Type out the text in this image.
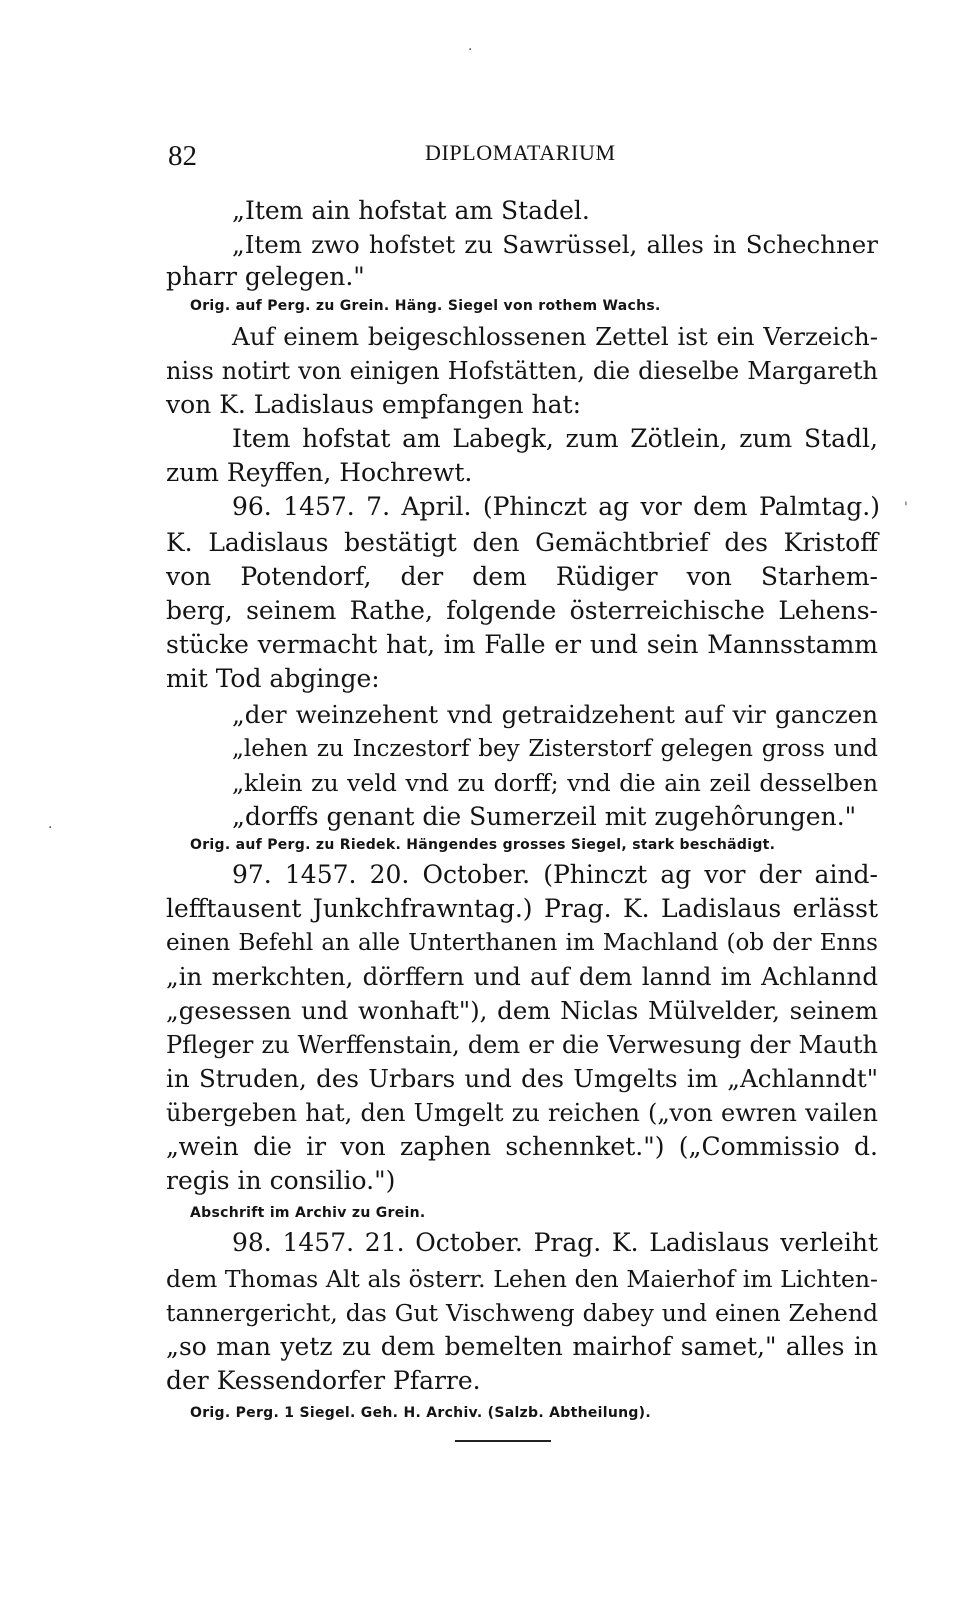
82	DIPLOMATARIUM
„Item ain hofstat am Stadel.
„Item zwo hofstet zu Sawrüssel, alles in Schechner
pharr gelegen."
Orig. auf Perg. zu Grein. Häng. Siegel von rothem Wachs.
Auf einem beigeschlossenen Zettel ist ein Verzeich-
niss notirt von einigen Hofstätten, die dieselbe Margareth
von K. Ladislaus empfangen hat:
Item hofstat am Labegk, zum Zötlein, zum Stadl,
zum Reyffen, Hochrewt.
96. 1457. 7. April. (Phinczt ag vor dem Palmtag.)
K. Ladislaus bestätigt den Gemächtbrief des Kristoff
von Potendorf, der dem Rüdiger von Starhem-
berg, seinem Rathe, folgende österreichische Lehens-
stücke vermacht hat, im Falle er und sein Mannsstamm
mit Tod abginge:
„der weinzehent vnd getraidzehent auf vir ganczen
„lehen zu Inczestorf bey Zisterstorf gelegen gross und
„klein zu veld vnd zu dorff; vnd die ain zeil desselben
„dorffs genant die Sumerzeil mit zugehôrungen."
Orig. auf Perg. zu Riedek. Hängendes grosses Siegel, stark beschädigt.
97. 1457. 20. October. (Phinczt ag vor der aind-
lefftausent Junkchfrawntag.) Prag. K. Ladislaus erlässt
einen Befehl an alle Unterthanen im Machland (ob der Enns
„in merkchten, dörffern und auf dem lannd im Achlannd
„gesessen und wonhaft"), dem Niclas Mülvelder, seinem
Pfleger zu Werffenstain, dem er die Verwesung der Mauth
in Struden, des Urbars und des Umgelts im „Achlanndt"
übergeben hat, den Umgelt zu reichen („von ewren vailen
„wein die ir von zaphen schennket.") („Commissio d.
regis in consilio.")
Abschrift im Archiv zu Grein.
98. 1457. 21. October. Prag. K. Ladislaus verleiht
dem Thomas Alt als österr. Lehen den Maierhof im Lichten-
tannergericht, das Gut Vischweng dabey und einen Zehend
„so man yetz zu dem bemelten mairhof samet," alles in
der Kessendorfer Pfarre.
Orig. Perg. 1 Siegel. Geh. H. Archiv. (Salzb. Abtheilung).
·
'
·
